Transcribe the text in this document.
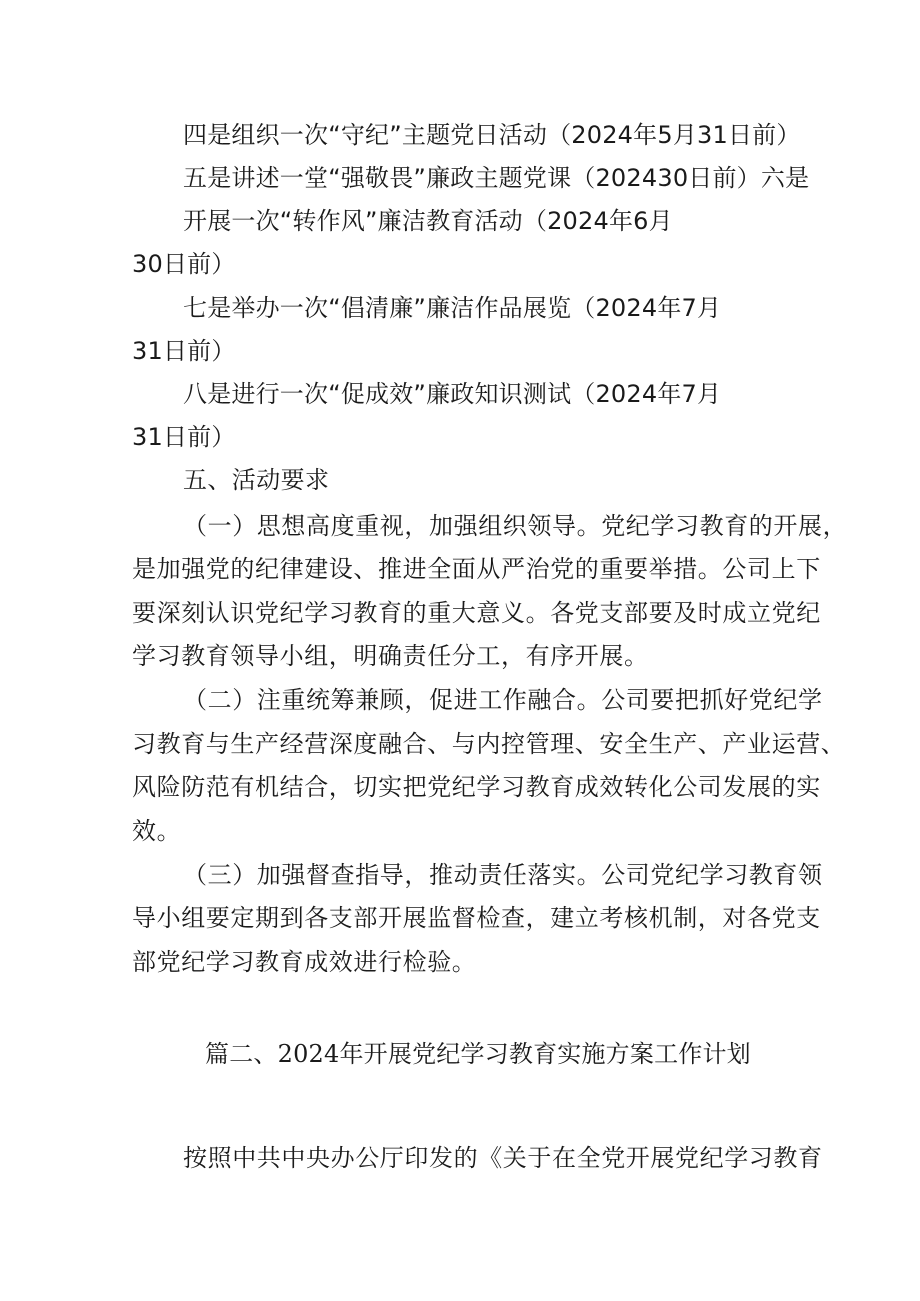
四是组织一次“守纪”主题党日活动（2024年5月31日前）
五是讲述一堂“强敬畏”廉政主题党课（202430日前）六是
开展一次“转作风”廉洁教育活动（2024年6月
30日前）
七是举办一次“倡清廉”廉洁作品展览（2024年7月
31日前）
八是进行一次“促成效”廉政知识测试（2024年7月
31日前）
五、活动要求
（一）思想高度重视，加强组织领导。党纪学习教育的开展，
是加强党的纪律建设、推进全面从严治党的重要举措。公司上下
要深刻认识党纪学习教育的重大意义。各党支部要及时成立党纪
学习教育领导小组，明确责任分工，有序开展。
（二）注重统筹兼顾，促进工作融合。公司要把抓好党纪学
习教育与生产经营深度融合、与内控管理、安全生产、产业运营、
风险防范有机结合，切实把党纪学习教育成效转化公司发展的实
效。
（三）加强督查指导，推动责任落实。公司党纪学习教育领
导小组要定期到各支部开展监督检查，建立考核机制，对各党支
部党纪学习教育成效进行检验。
篇二、2024年开展党纪学习教育实施方案工作计划
按照中共中央办公厅印发的《关于在全党开展党纪学习教育
